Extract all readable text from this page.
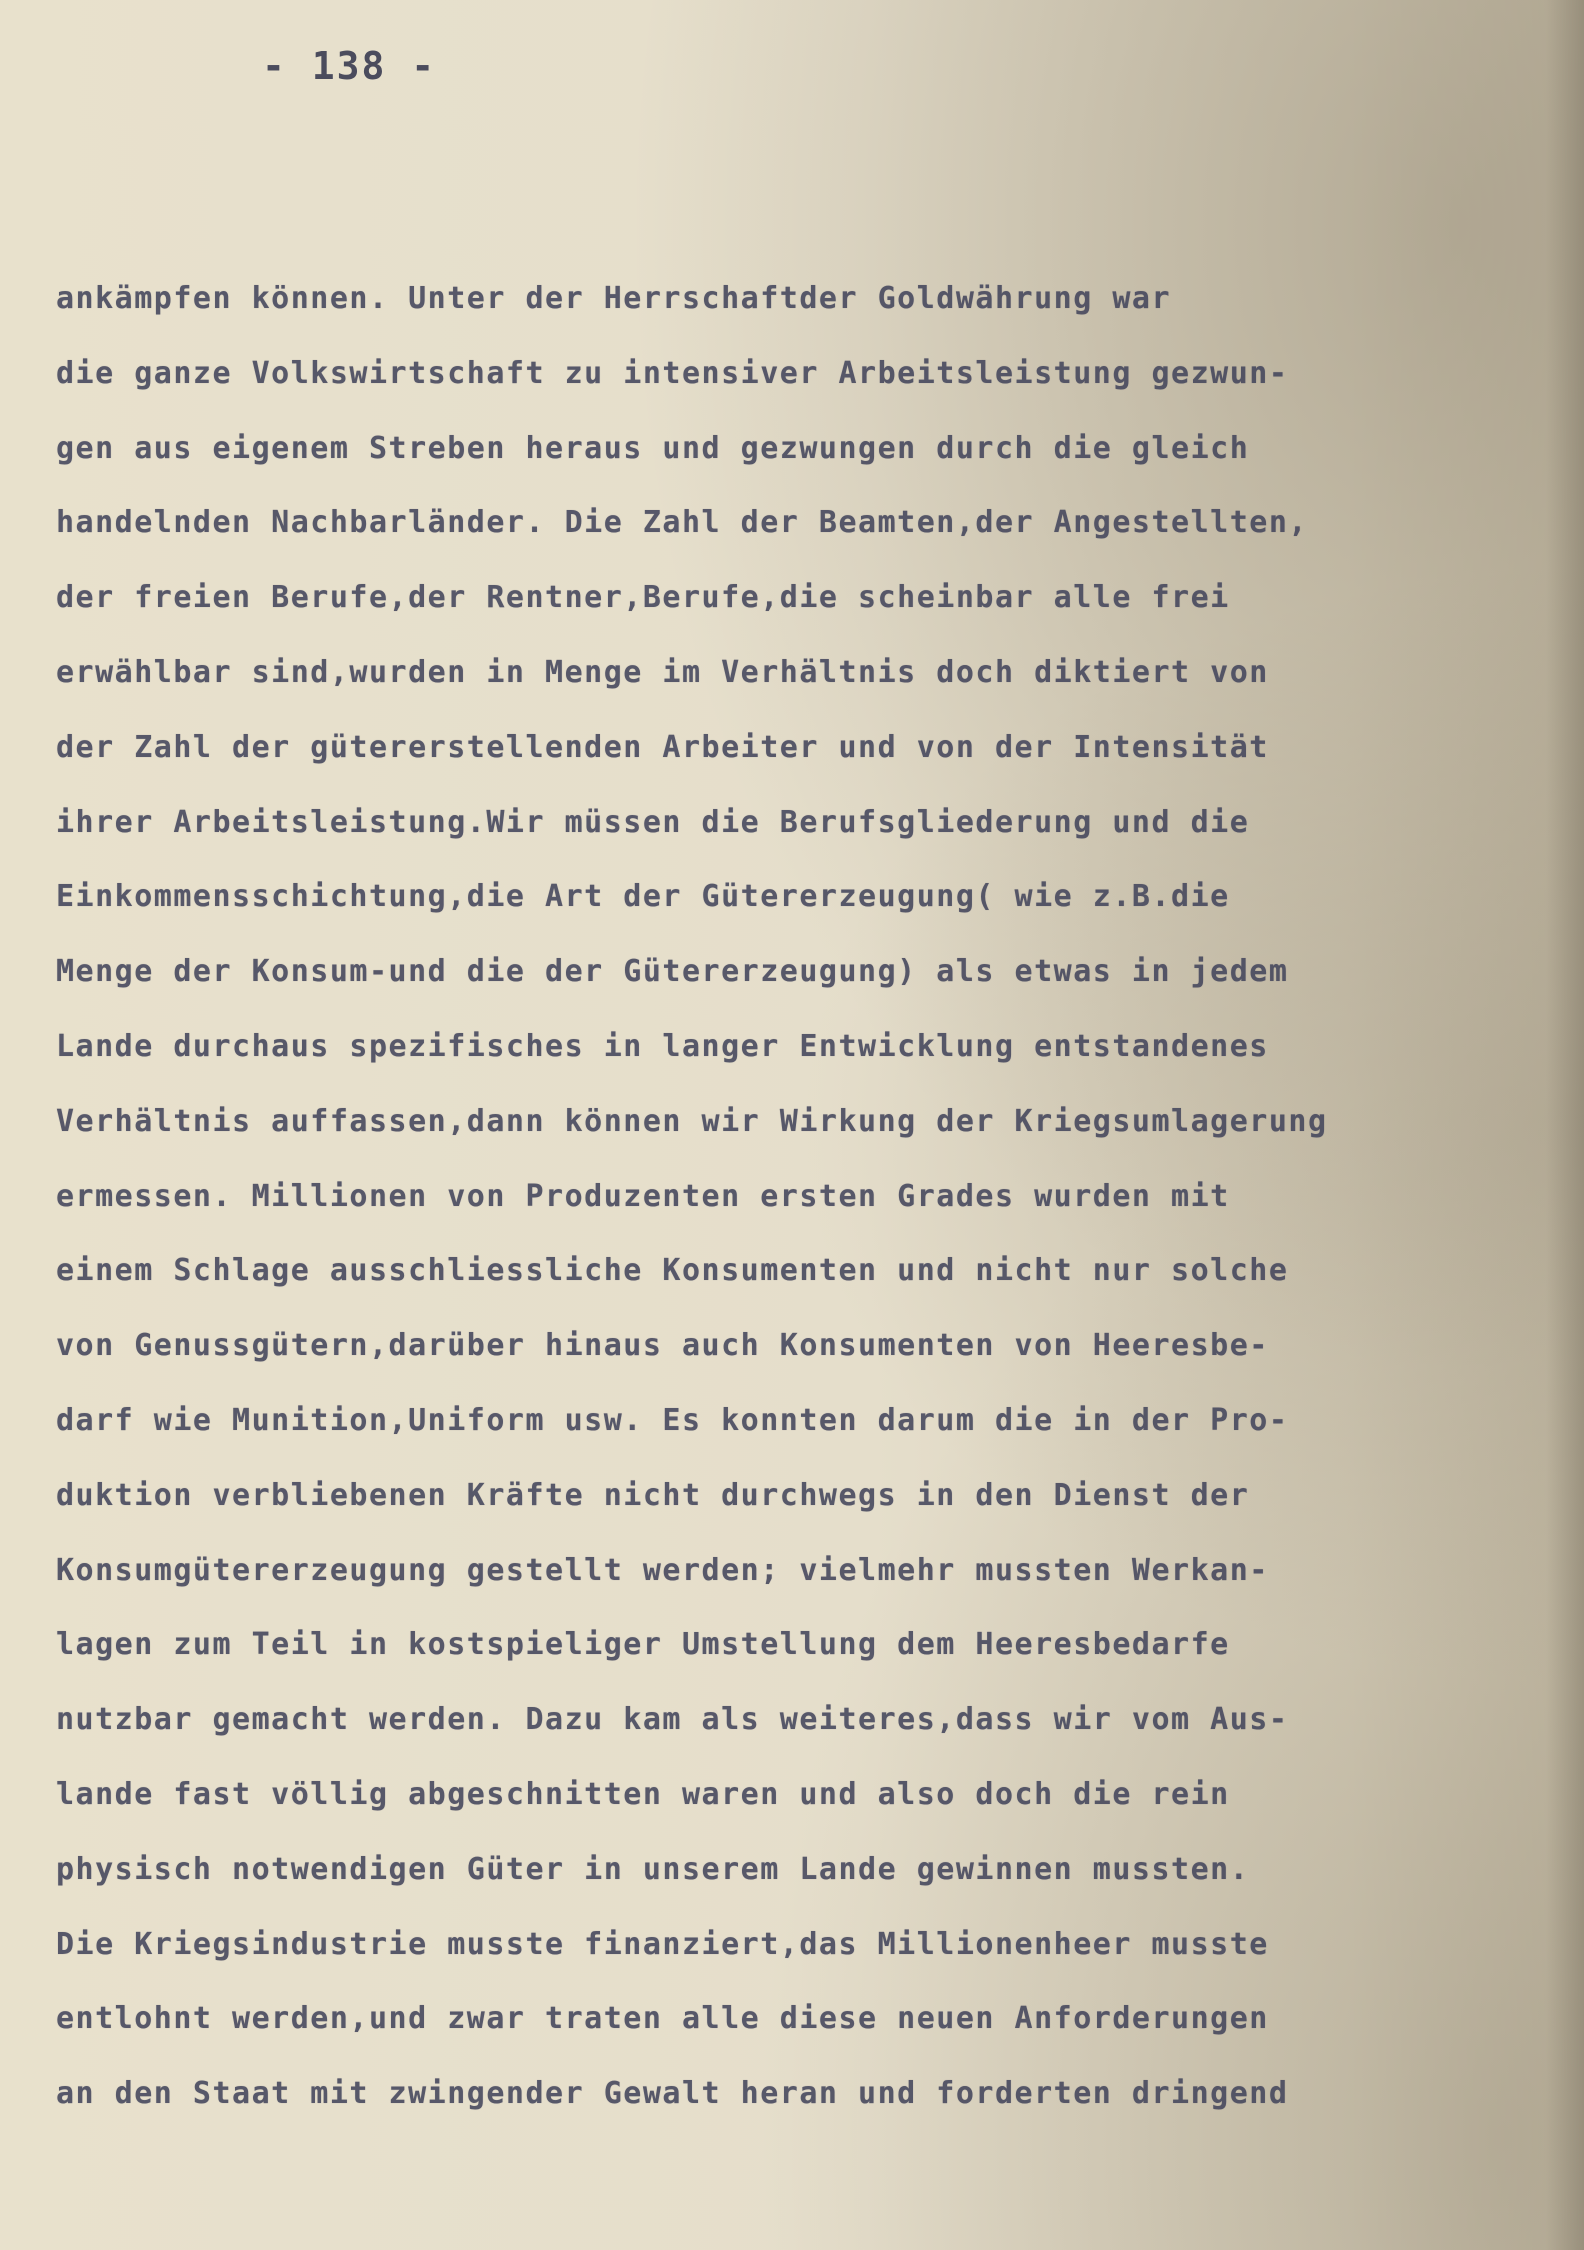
- 138 -
ankämpfen können. Unter der Herrschaftder Goldwährung war
die ganze Volkswirtschaft zu intensiver Arbeitsleistung gezwun-
gen aus eigenem Streben heraus und gezwungen durch die gleich
handelnden Nachbarländer. Die Zahl der Beamten,der Angestellten,
der freien Berufe,der Rentner,Berufe,die scheinbar alle frei
erwählbar sind,wurden in Menge im Verhältnis doch diktiert von
der Zahl der gütererstellenden Arbeiter und von der Intensität
ihrer Arbeitsleistung.Wir müssen die Berufsgliederung und die
Einkommensschichtung,die Art der Gütererzeugung( wie z.B.die
Menge der Konsum-und die der Gütererzeugung) als etwas in jedem
Lande durchaus spezifisches in langer Entwicklung entstandenes
Verhältnis auffassen,dann können wir Wirkung der Kriegsumlagerung
ermessen. Millionen von Produzenten ersten Grades wurden mit
einem Schlage ausschliessliche Konsumenten und nicht nur solche
von Genussgütern,darüber hinaus auch Konsumenten von Heeresbe-
darf wie Munition,Uniform usw. Es konnten darum die in der Pro-
duktion verbliebenen Kräfte nicht durchwegs in den Dienst der
Konsumgütererzeugung gestellt werden; vielmehr mussten Werkan-
lagen zum Teil in kostspieliger Umstellung dem Heeresbedarfe
nutzbar gemacht werden. Dazu kam als weiteres,dass wir vom Aus-
lande fast völlig abgeschnitten waren und also doch die rein
physisch notwendigen Güter in unserem Lande gewinnen mussten.
Die Kriegsindustrie musste finanziert,das Millionenheer musste
entlohnt werden,und zwar traten alle diese neuen Anforderungen
an den Staat mit zwingender Gewalt heran und forderten dringend
